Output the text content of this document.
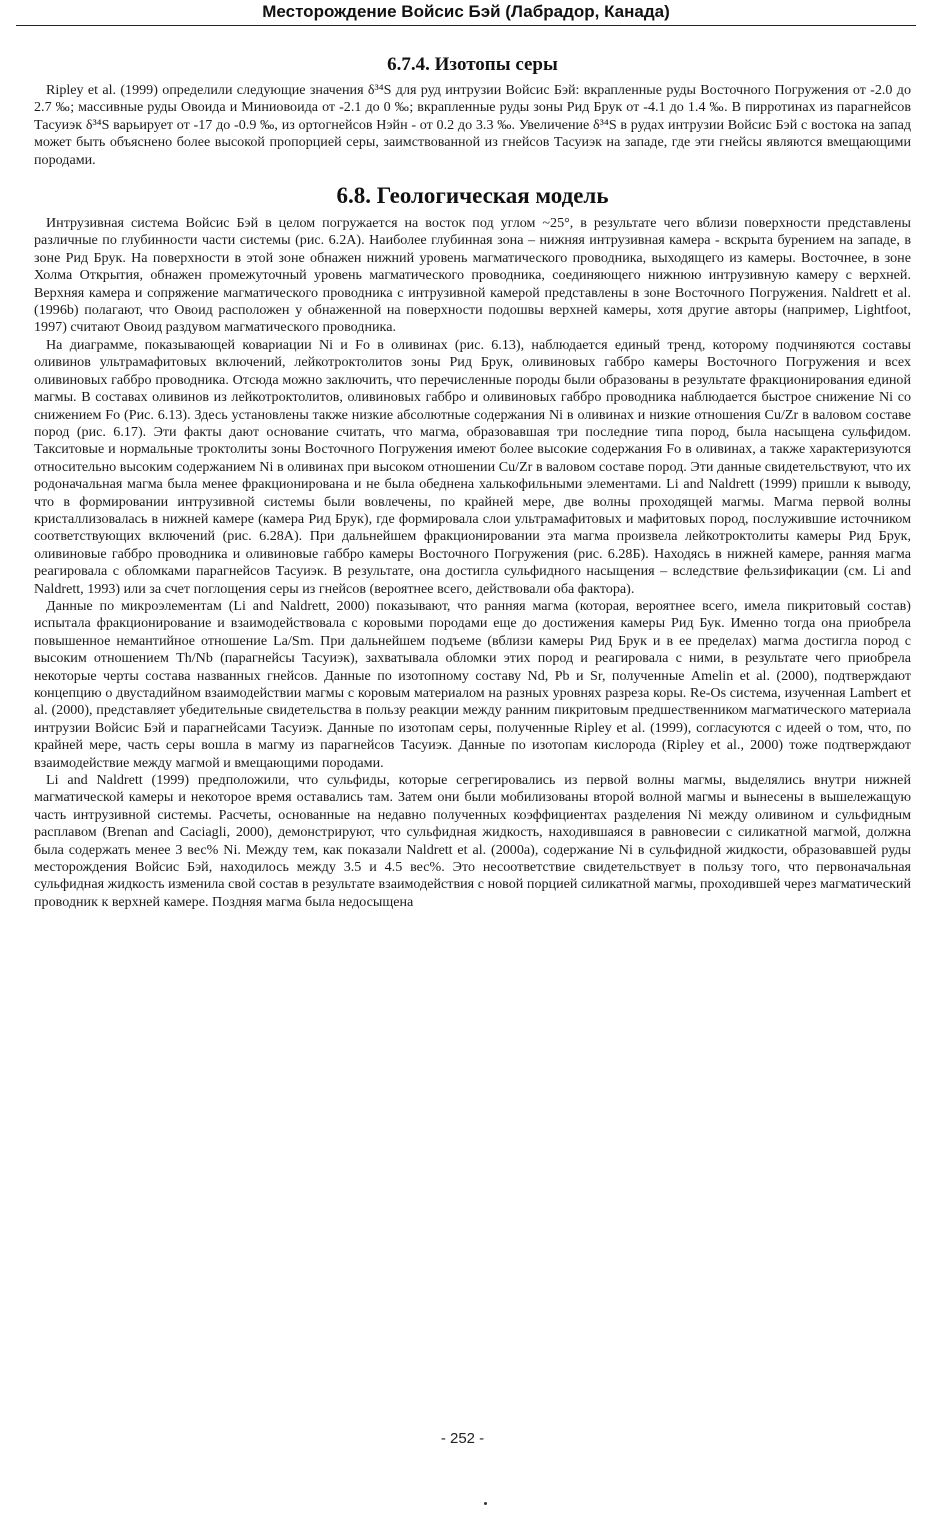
Месторождение Войсис Бэй (Лабрадор, Канада)
6.7.4. Изотопы серы

Ripley et al. (1999) определили следующие значения δ³⁴S для руд интрузии Войсис Бэй: вкрапленные руды Восточного Погружения от -2.0 до 2.7 ‰; массивные руды Овоида и Миниовоида от -2.1 до 0 ‰; вкрапленные руды зоны Рид Брук от -4.1 до 1.4 ‰. В пирротинах из парагнейсов Тасуиэк δ³⁴S варьирует от -17 до -0.9 ‰, из ортогнейсов Нэйн - от 0.2 до 3.3 ‰. Увеличение δ³⁴S в рудах интрузии Войсис Бэй с востока на запад может быть объяснено более высокой пропорцией серы, заимствованной из гнейсов Тасуиэк на западе, где эти гнейсы являются вмещающими породами.

6.8. Геологическая модель

Интрузивная система Войсис Бэй в целом погружается на восток под углом ~25°, в результате чего вблизи поверхности представлены различные по глубинности части системы (рис. 6.2А). Наиболее глубинная зона – нижняя интрузивная камера - вскрыта бурением на западе, в зоне Рид Брук. На поверхности в этой зоне обнажен нижний уровень магматического проводника, выходящего из камеры. Восточнее, в зоне Холма Открытия, обнажен промежуточный уровень магматического проводника, соединяющего нижнюю интрузивную камеру с верхней. Верхняя камера и сопряжение магматического проводника с интрузивной камерой представлены в зоне Восточного Погружения. Naldrett et al. (1996b) полагают, что Овоид расположен у обнаженной на поверхности подошвы верхней камеры, хотя другие авторы (например, Lightfoot, 1997) считают Овоид раздувом магматического проводника.

На диаграмме, показывающей ковариации Ni и Fo в оливинах (рис. 6.13), наблюдается единый тренд, которому подчиняются составы оливинов ультрамафитовых включений, лейкотроктолитов зоны Рид Брук, оливиновых габбро камеры Восточного Погружения и всех оливиновых габбро проводника. Отсюда можно заключить, что перечисленные породы были образованы в результате фракционирования единой магмы. В составах оливинов из лейкотроктолитов, оливиновых габбро и оливиновых габбро проводника наблюдается быстрое снижение Ni со снижением Fo (Рис. 6.13). Здесь установлены также низкие абсолютные содержания Ni в оливинах и низкие отношения Cu/Zr в валовом составе пород (рис. 6.17). Эти факты дают основание считать, что магма, образовавшая три последние типа пород, была насыщена сульфидом. Такситовые и нормальные троктолиты зоны Восточного Погружения имеют более высокие содержания Fo в оливинах, а также характеризуются относительно высоким содержанием Ni в оливинах при высоком отношении Cu/Zr в валовом составе пород. Эти данные свидетельствуют, что их родоначальная магма была менее фракционирована и не была обеднена халькофильными элементами. Li and Naldrett (1999) пришли к выводу, что в формировании интрузивной системы были вовлечены, по крайней мере, две волны проходящей магмы. Магма первой волны кристаллизовалась в нижней камере (камера Рид Брук), где формировала слои ультрамафитовых и мафитовых пород, послужившие источником соответствующих включений (рис. 6.28А). При дальнейшем фракционировании эта магма произвела лейкотроктолиты камеры Рид Брук, оливиновые габбро проводника и оливиновые габбро камеры Восточного Погружения (рис. 6.28Б). Находясь в нижней камере, ранняя магма реагировала с обломками парагнейсов Тасуиэк. В результате, она достигла сульфидного насыщения – вследствие фельзификации (см. Li and Naldrett, 1993) или за счет поглощения серы из гнейсов (вероятнее всего, действовали оба фактора).

Данные по микроэлементам (Li and Naldrett, 2000) показывают, что ранняя магма (которая, вероятнее всего, имела пикритовый состав) испытала фракционирование и взаимодействовала с коровыми породами еще до достижения камеры Рид Бук. Именно тогда она приобрела повышенное немантийное отношение La/Sm. При дальнейшем подъеме (вблизи камеры Рид Брук и в ее пределах) магма достигла пород с высоким отношением Th/Nb (парагнейсы Тасуиэк), захватывала обломки этих пород и реагировала с ними, в результате чего приобрела некоторые черты состава названных гнейсов. Данные по изотопному составу Nd, Pb и Sr, полученные Amelin et al. (2000), подтверждают концепцию о двустадийном взаимодействии магмы с коровым материалом на разных уровнях разреза коры. Re-Os система, изученная Lambert et al. (2000), представляет убедительные свидетельства в пользу реакции между ранним пикритовым предшественником магматического материала интрузии Войсис Бэй и парагнейсами Тасуиэк. Данные по изотопам серы, полученные Ripley et al. (1999), согласуются с идеей о том, что, по крайней мере, часть серы вошла в магму из парагнейсов Тасуиэк. Данные по изотопам кислорода (Ripley et al., 2000) тоже подтверждают взаимодействие между магмой и вмещающими породами.

Li and Naldrett (1999) предположили, что сульфиды, которые сегрегировались из первой волны магмы, выделялись внутри нижней магматической камеры и некоторое время оставались там. Затем они были мобилизованы второй волной магмы и вынесены в вышележащую часть интрузивной системы. Расчеты, основанные на недавно полученных коэффициентах разделения Ni между оливином и сульфидным расплавом (Brenan and Caciagli, 2000), демонстрируют, что сульфидная жидкость, находившаяся в равновесии с силикатной магмой, должна была содержать менее 3 вес% Ni. Между тем, как показали Naldrett et al. (2000a), содержание Ni в сульфидной жидкости, образовавшей руды месторождения Войсис Бэй, находилось между 3.5 и 4.5 вес%. Это несоответствие свидетельствует в пользу того, что первоначальная сульфидная жидкость изменила свой состав в результате взаимодействия с новой порцией силикатной магмы, проходившей через магматический проводник к верхней камере. Поздняя магма была недосыщена

- 252 -
